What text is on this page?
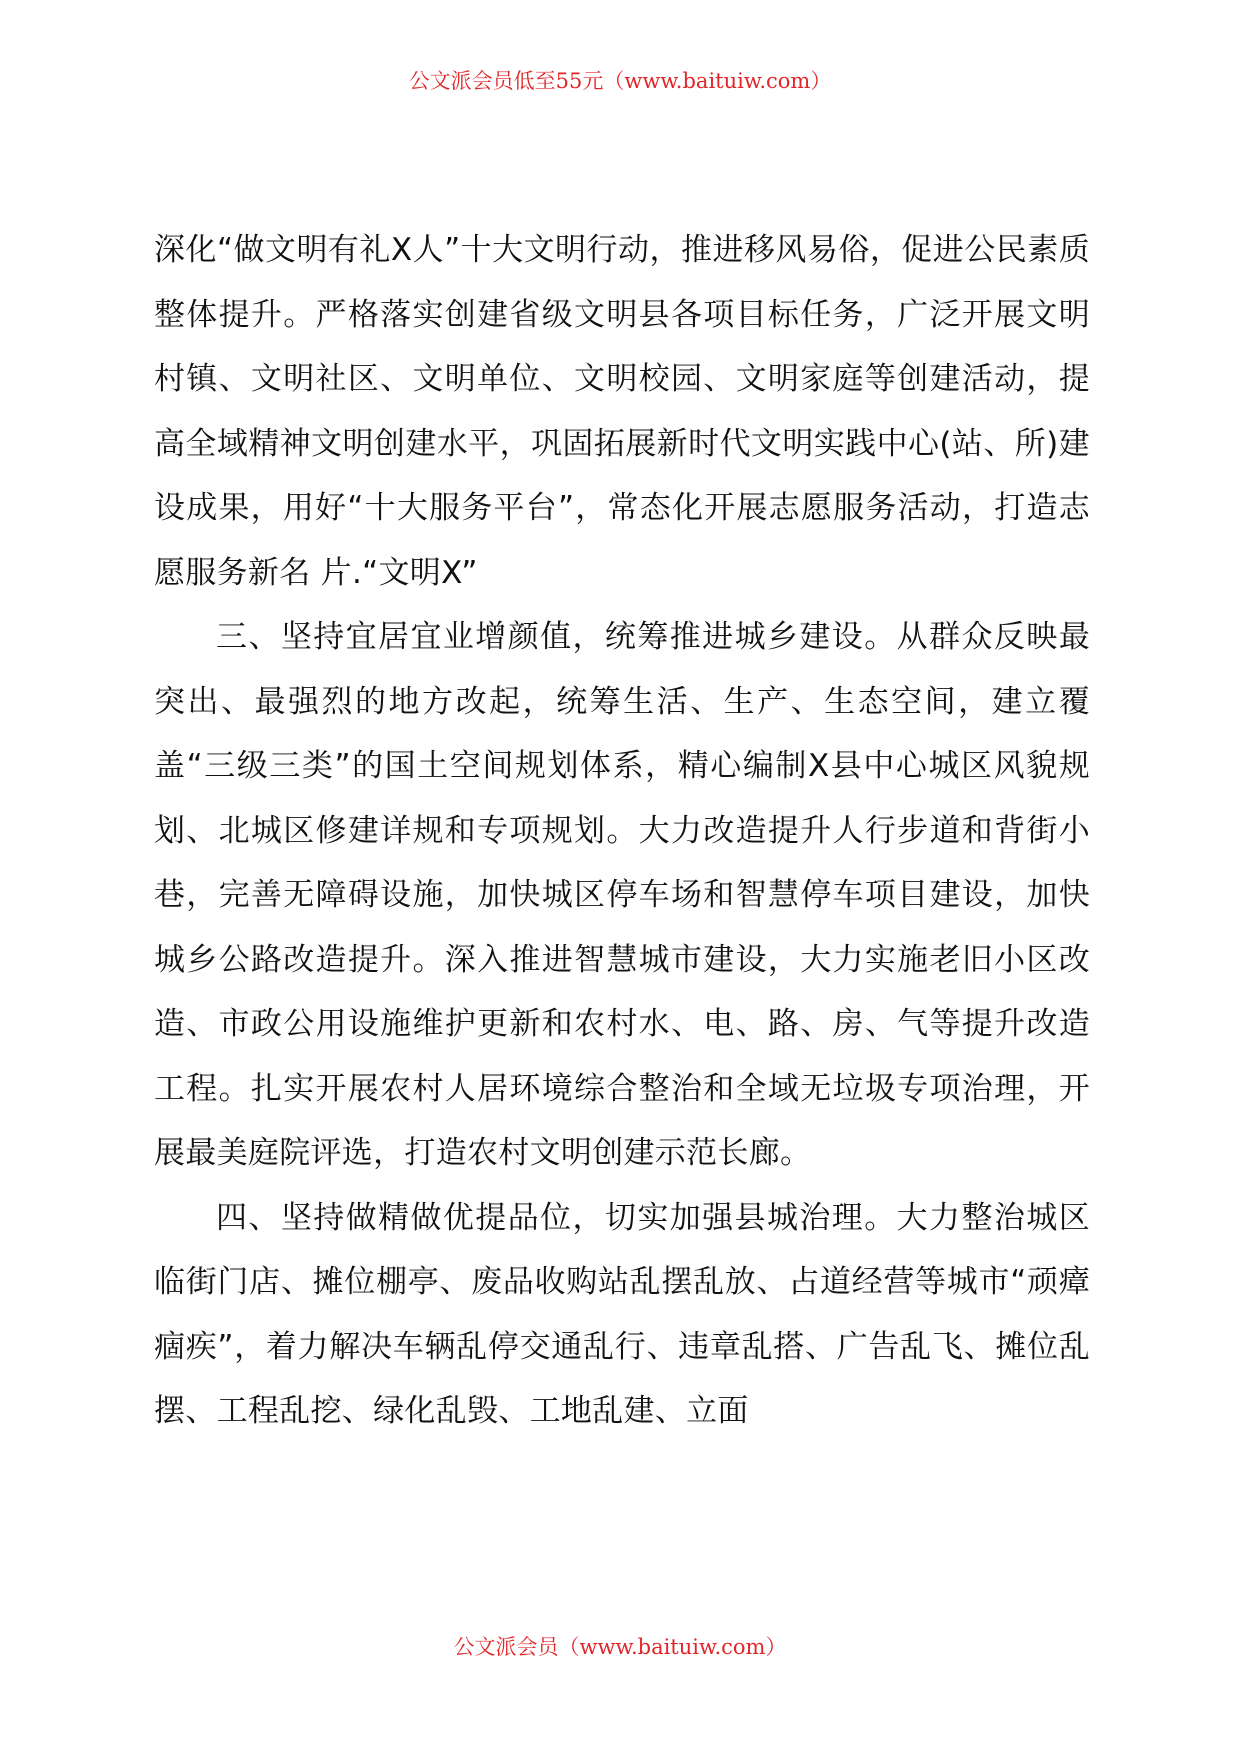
公文派会员低至55元（www.baituiw.com）

深化“做文明有礼X人”十大文明行动，推进移风易俗，促进公民素质整体提升。严格落实创建省级文明县各项目标任务，广泛开展文明村镇、文明社区、文明单位、文明校园、文明家庭等创建活动，提高全域精神文明创建水平，巩固拓展新时代文明实践中心(站、所)建设成果，用好“十大服务平台”，常态化开展志愿服务活动，打造志愿服务新名 片.“文明X”

三、坚持宜居宜业增颜值，统筹推进城乡建设。从群众反映最突出、最强烈的地方改起，统筹生活、生产、生态空间，建立覆盖“三级三类”的国土空间规划体系，精心编制X县中心城区风貌规划、北城区修建详规和专项规划。大力改造提升人行步道和背街小巷，完善无障碍设施，加快城区停车场和智慧停车项目建设，加快城乡公路改造提升。深入推进智慧城市建设，大力实施老旧小区改造、市政公用设施维护更新和农村水、电、路、房、气等提升改造工程。扎实开展农村人居环境综合整治和全域无垃圾专项治理，开展最美庭院评选，打造农村文明创建示范长廊。

四、坚持做精做优提品位，切实加强县城治理。大力整治城区临街门店、摊位棚亭、废品收购站乱摆乱放、占道经营等城市“顽瘴痼疾”，着力解决车辆乱停交通乱行、违章乱搭、广告乱飞、摊位乱摆、工程乱挖、绿化乱毁、工地乱建、立面

公文派会员（www.baituiw.com）
